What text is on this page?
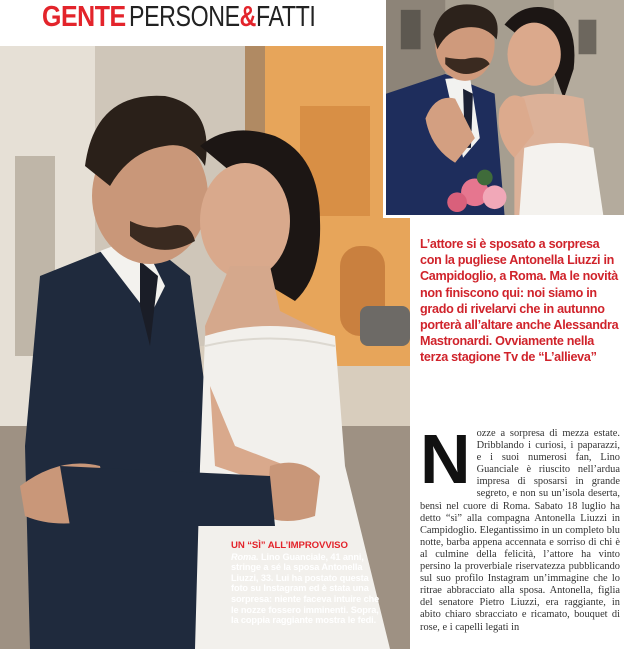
GENTE PERSONE&FATTI
UN “SÌ” ALL’IMPROVVISO
Roma. Lino Guanciale, 41 anni, stringe a sé la sposa Antonella Liuzzi, 33. Lui ha postato questa foto su Instagram ed è stata una sorpresa: niente faceva intuire che le nozze fossero imminenti. Sopra, la coppia raggiante mostra le fedi.
L’attore si è sposato a sorpresa con la pugliese Antonella Liuzzi in Campidoglio, a Roma. Ma le novità non finiscono qui: noi siamo in grado di rivelarvi che in autunno porterà all’altare anche Alessandra Mastronardi. Ovviamente nella terza stagione Tv de “L’allieva”
N ozze a sorpresa di mezza estate. Dribblando i curiosi, i paparazzi, e i suoi numerosi fan, Lino Guanciale è riuscito nell’ardua impresa di sposarsi in grande segreto, e non su un’isola deserta, bensì nel cuore di Roma. Sabato 18 luglio ha detto “sì” alla compagna Antonella Liuzzi in Campidoglio. Elegantissimo in un completo blu notte, barba appena accennata e sorriso di chi è al culmine della felicità, l’attore ha vinto persino la proverbiale riservatezza pubblicando sul suo profilo Instagram un’immagine che lo ritrae abbracciato alla sposa. Antonella, figlia del senatore Pietro Liuzzi, era raggiante, in abito chiaro sbracciato e ricamato, bouquet di rose, e i capelli legati in
